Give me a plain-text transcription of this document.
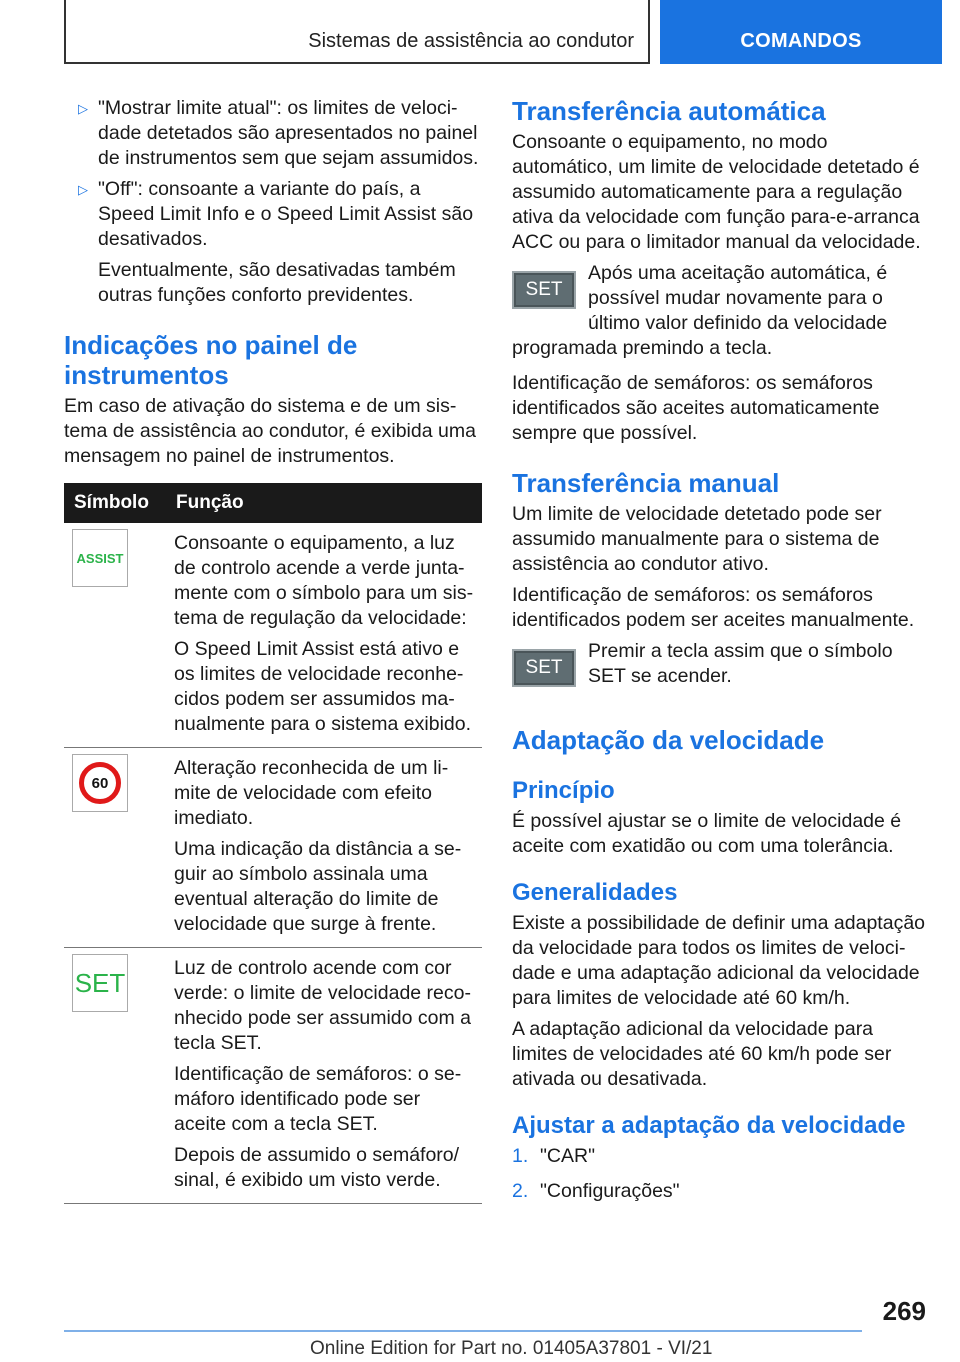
Sistemas de assistência ao condutor	COMANDOS
▷ "Mostrar limite atual": os limites de velocidade detetados são apresentados no painel de instrumentos sem que sejam assumidos.

▷ "Off": consoante a variante do país, a Speed Limit Info e o Speed Limit Assist são desativados.

Eventualmente, são desativadas também outras funções conforto previdentes.

Indicações no painel de instrumentos

Em caso de ativação do sistema e de um sistema de assistência ao condutor, é exibida uma mensagem no painel de instrumentos.

Símbolo	Função

ASSIST	Consoante o equipamento, a luz de controlo acende a verde juntamente com o símbolo para um sistema de regulação da velocidade:

O Speed Limit Assist está ativo e os limites de velocidade reconhecidos podem ser assumidos manualmente para o sistema exibido.

60	Alteração reconhecida de um limite de velocidade com efeito imediato.

Uma indicação da distância a seguir ao símbolo assinala uma eventual alteração do limite de velocidade que surge à frente.

SET	Luz de controlo acende com cor verde: o limite de velocidade reconhecido pode ser assumido com a tecla SET.

Identificação de semáforos: o semáforo identificado pode ser aceite com a tecla SET.

Depois de assumido o semáforo/ sinal, é exibido um visto verde.

Transferência automática

Consoante o equipamento, no modo automático, um limite de velocidade detetado é assumido automaticamente para a regulação ativa da velocidade com função para-e-arranca ACC ou para o limitador manual da velocidade.

SET

Após uma aceitação automática, é possível mudar novamente para o último valor definido da velocidade programada premindo a tecla.

Identificação de semáforos: os semáforos identificados são aceites automaticamente sempre que possível.

Transferência manual

Um limite de velocidade detetado pode ser assumido manualmente para o sistema de assistência ao condutor ativo.

Identificação de semáforos: os semáforos identificados podem ser aceites manualmente.

SET

Premir a tecla assim que o símbolo SET se acender.

Adaptação da velocidade
Princípio

É possível ajustar se o limite de velocidade é aceite com exatidão ou com uma tolerância.

Generalidades

Existe a possibilidade de definir uma adaptação da velocidade para todos os limites de velocidade e uma adaptação adicional da velocidade para limites de velocidade até 60 km/h.

A adaptação adicional da velocidade para limites de velocidades até 60 km/h pode ser ativada ou desativada.

Ajustar a adaptação da velocidade
1. "CAR"
2. "Configurações"
269
Online Edition for Part no. 01405A37801 - VI/21
